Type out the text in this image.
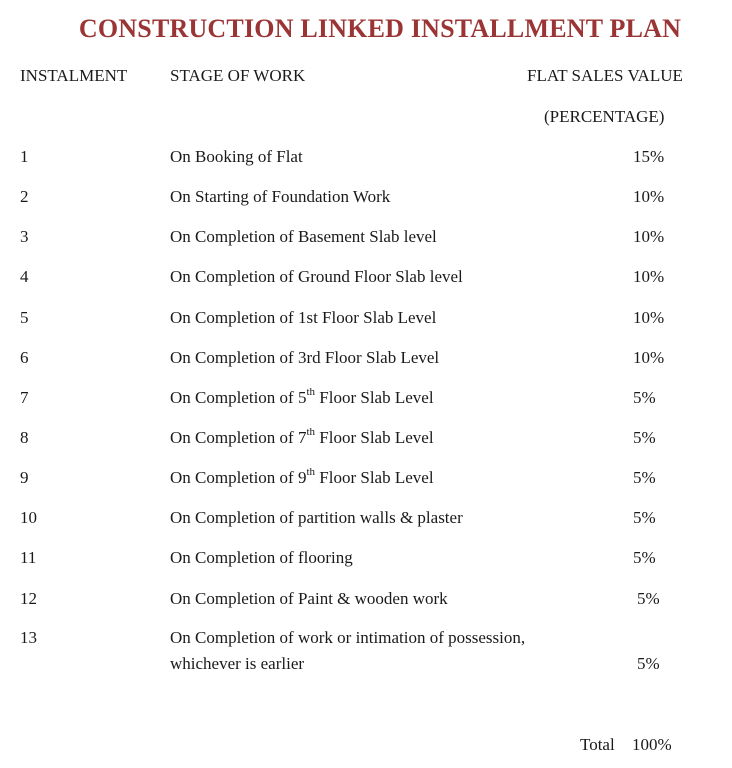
CONSTRUCTION LINKED INSTALLMENT PLAN
INSTALMENT	STAGE OF WORK	FLAT SALES VALUE
(PERCENTAGE)
1	On Booking of Flat	15%
2	On Starting of Foundation Work	10%
3	On Completion of Basement Slab level	10%
4	On Completion of Ground Floor Slab level	10%
5	On Completion of 1st Floor Slab Level	10%
6	On Completion of 3rd Floor Slab Level	10%
7	On Completion of 5th Floor Slab Level	5%
8	On Completion of 7th Floor Slab Level	5%
9	On Completion of 9th Floor Slab Level	5%
10	On Completion of partition walls & plaster	5%
11	On Completion of flooring	5%
12	On Completion of Paint & wooden work	5%
13	On Completion of work or intimation of possession,
whichever is earlier	5%
Total 100%
